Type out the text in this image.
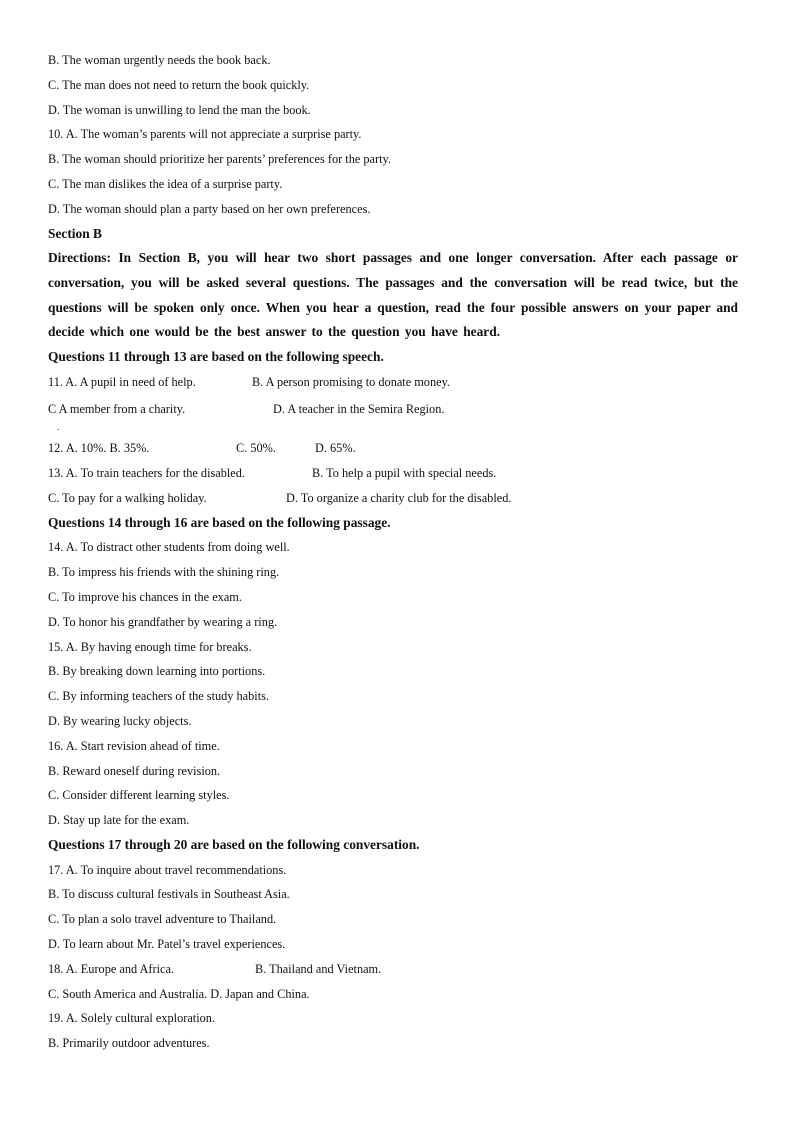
B. The woman urgently needs the book back.
C. The man does not need to return the book quickly.
D. The woman is unwilling to lend the man the book.
10. A. The woman’s parents will not appreciate a surprise party.
B. The woman should prioritize her parents’ preferences for the party.
C. The man dislikes the idea of a surprise party.
D. The woman should plan a party based on her own preferences.
Section B
Directions: In Section B, you will hear two short passages and one longer conversation. After each passage or conversation, you will be asked several questions. The passages and the conversation will be read twice, but the questions will be spoken only once. When you hear a question, read the four possible answers on your paper and decide which one would be the best answer to the question you have heard.
Questions 11 through 13 are based on the following speech.
11. A. A pupil in need of help.	B. A person promising to donate money.
C A member from a charity.	D. A teacher in the Semira Region.
.
12. A. 10%. B. 35%.	C. 50%.	D. 65%.
13. A. To train teachers for the disabled.	B. To help a pupil with special needs.
C. To pay for a walking holiday.	D. To organize a charity club for the disabled.
Questions 14 through 16 are based on the following passage.
14. A. To distract other students from doing well.
B. To impress his friends with the shining ring.
C. To improve his chances in the exam.
D. To honor his grandfather by wearing a ring.
15. A. By having enough time for breaks.
B. By breaking down learning into portions.
C. By informing teachers of the study habits.
D. By wearing lucky objects.
16. A. Start revision ahead of time.
B. Reward oneself during revision.
C. Consider different learning styles.
D. Stay up late for the exam.
Questions 17 through 20 are based on the following conversation.
17. A. To inquire about travel recommendations.
B. To discuss cultural festivals in Southeast Asia.
C. To plan a solo travel adventure to Thailand.
D. To learn about Mr. Patel’s travel experiences.
18. A. Europe and Africa.	B. Thailand and Vietnam.
C. South America and Australia. D. Japan and China.
19. A. Solely cultural exploration.
B. Primarily outdoor adventures.
